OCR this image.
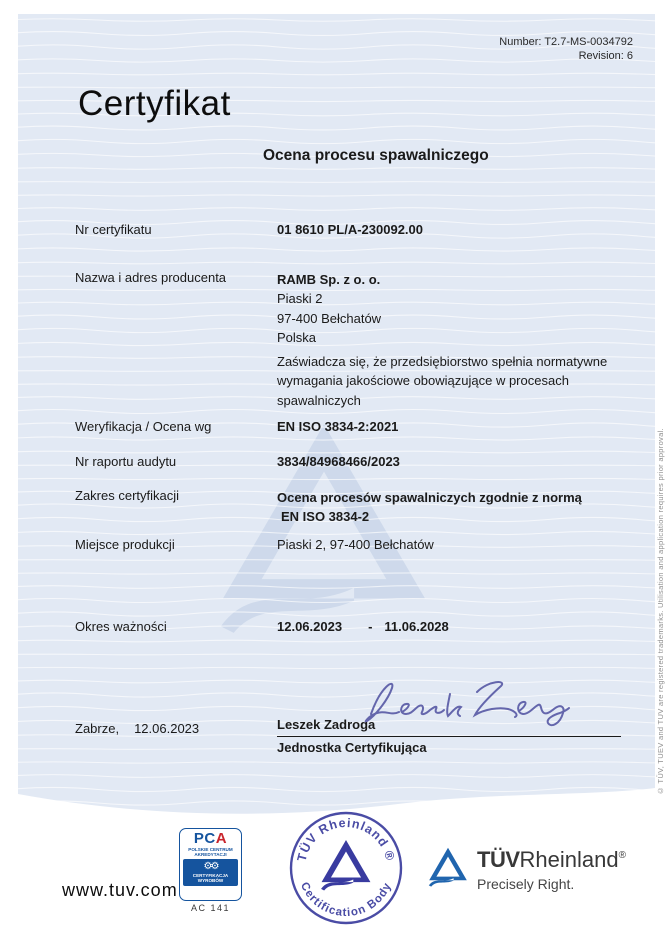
Number: T2.7-MS-0034792
Revision: 6
Certyfikat
Ocena procesu spawalniczego
Nr certyfikatu	01 8610 PL/A-230092.00
Nazwa i adres producenta	RAMB Sp. z o. o.
Piaski 2
97-400 Bełchatów
Polska
Zaświadcza się, że przedsiębiorstwo spełnia normatywne wymagania jakościowe obowiązujące w procesach spawalniczych
Weryfikacja / Ocena wg	EN ISO 3834-2:2021
Nr raportu audytu	3834/84968466/2023
Zakres certyfikacji	Ocena procesów spawalniczych zgodnie z normą
EN ISO 3834-2
Miejsce produkcji	Piaski 2, 97-400 Bełchatów
Okres ważności	12.06.2023 - 11.06.2028
Zabrze, 12.06.2023	Leszek Zadroga
Jednostka Certyfikująca
www.tuv.com
PCA
POLSKIE CENTRUM
AKREDYTACJI
⚙⚙
CERTYFIKACJA
WYROBÓW
AC 141
TÜV Rheinland ®
Certification Body
TÜVRheinland®
Precisely Right.
© TÜV, TUEV and TUV are registered trademarks. Utilisation and application requires prior approval.
